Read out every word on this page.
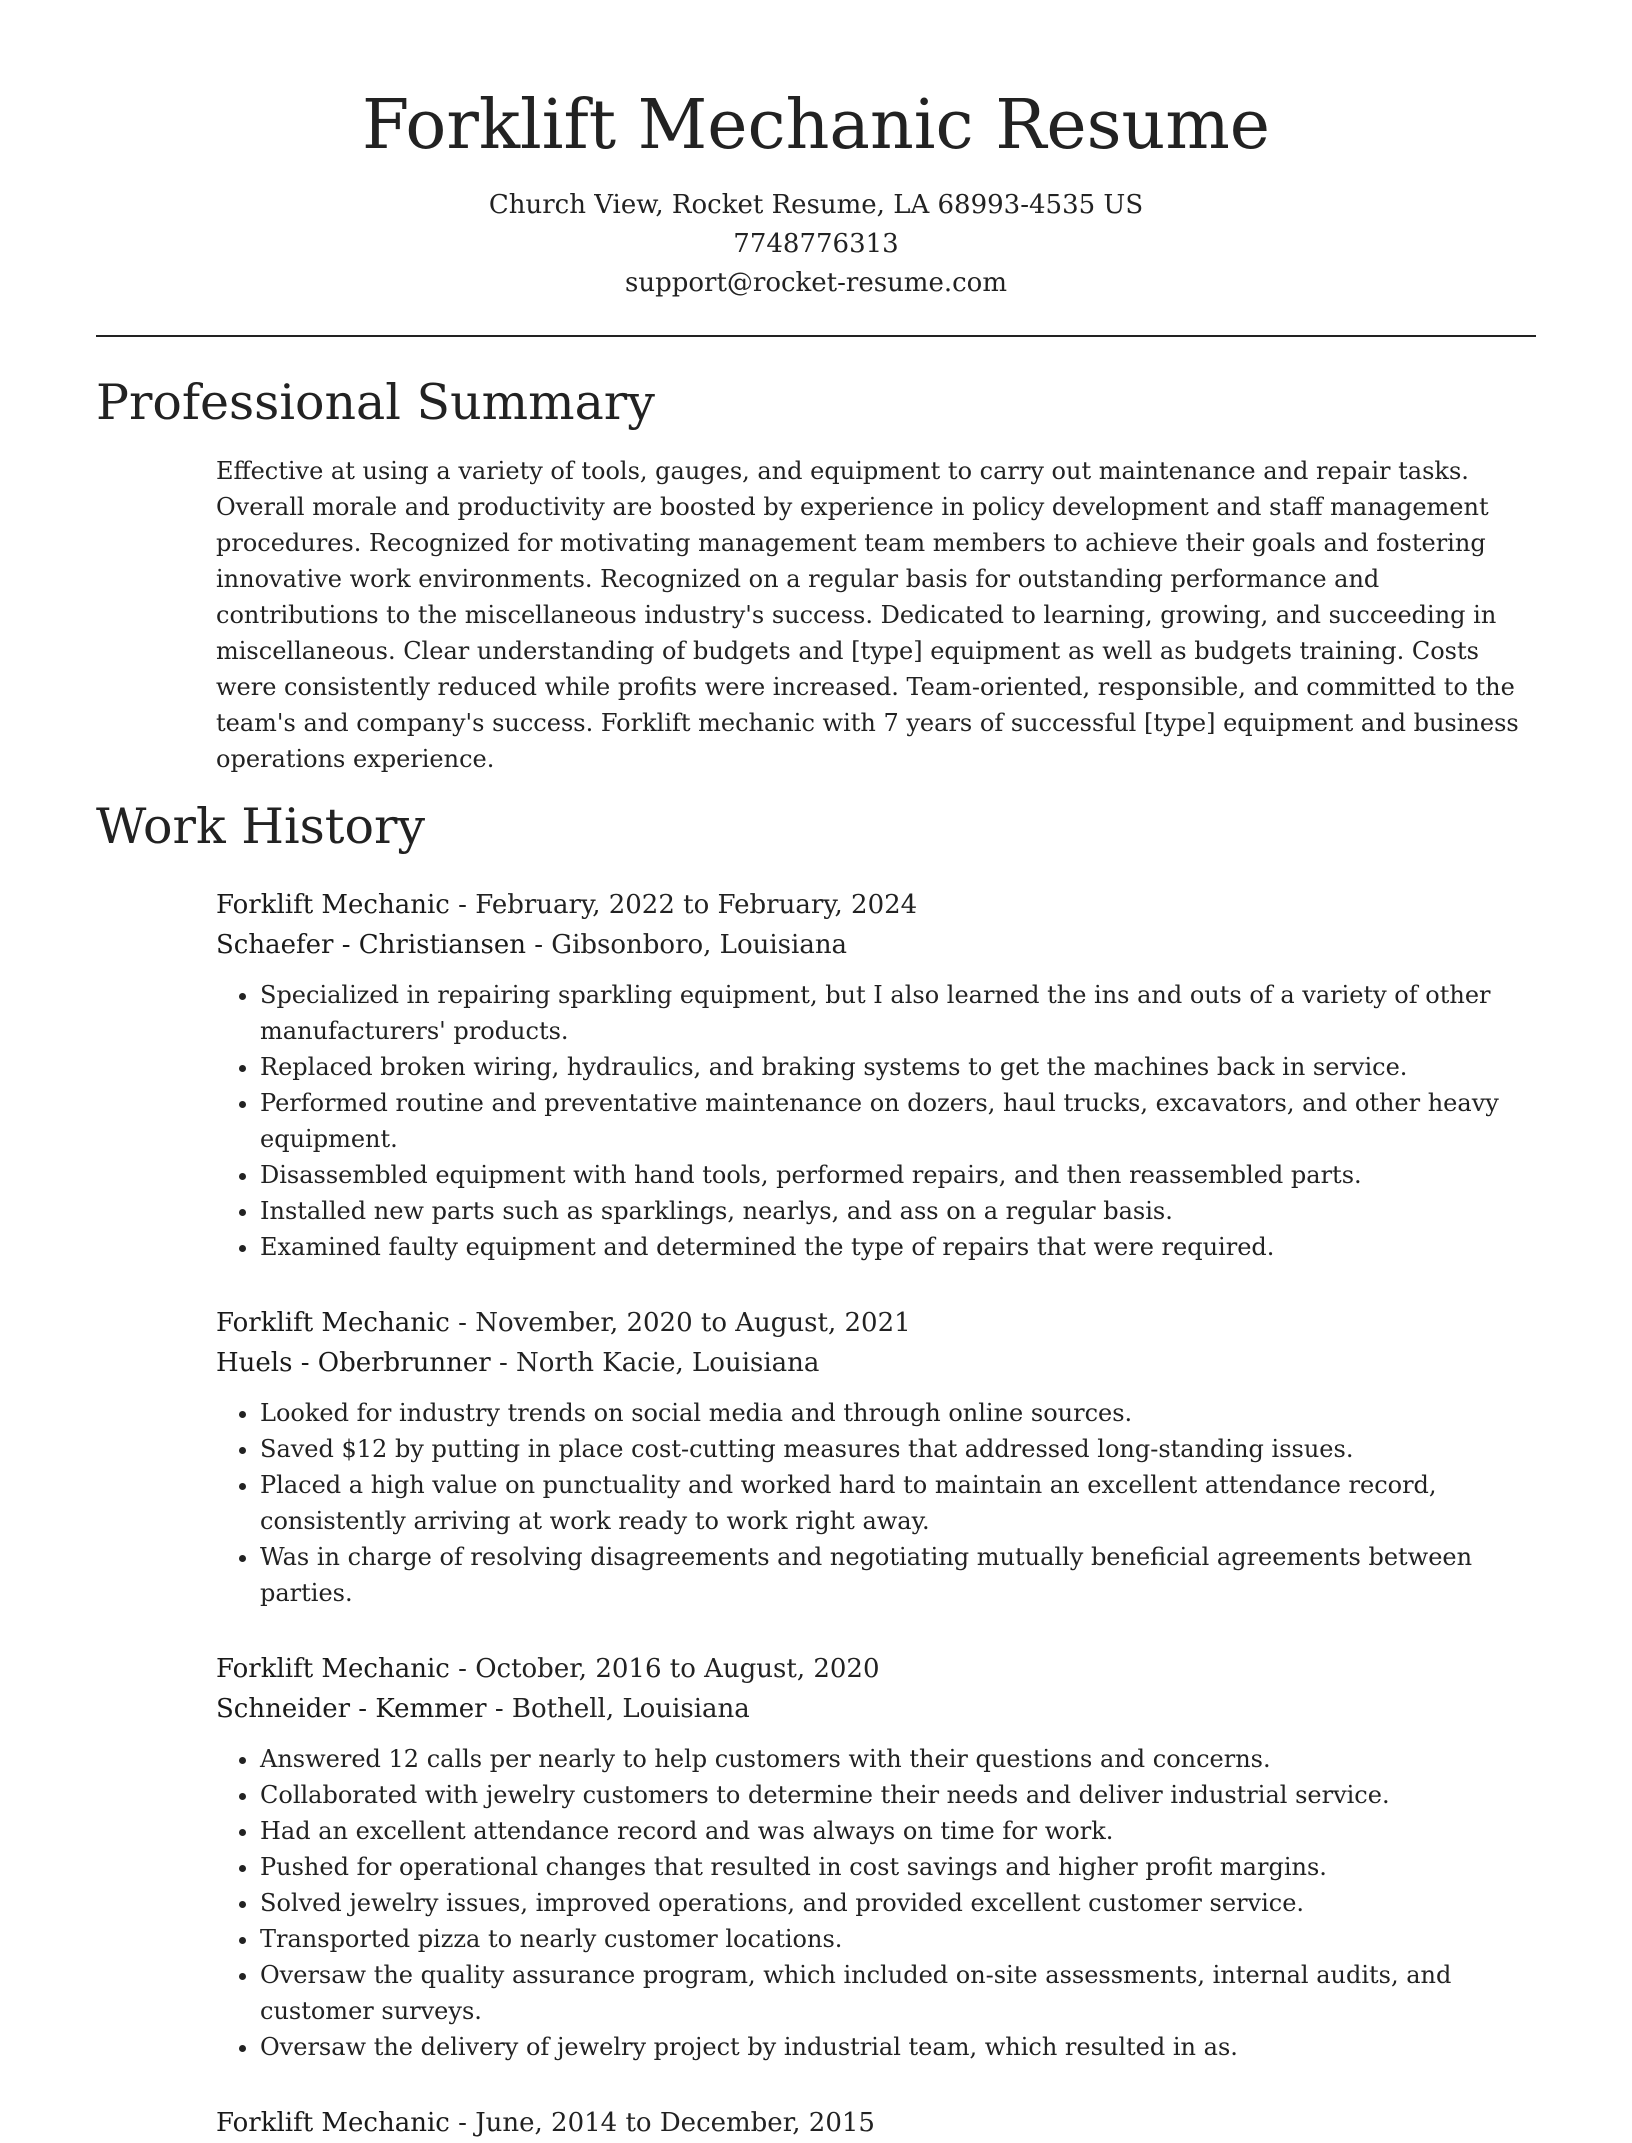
Forklift Mechanic Resume
Church View, Rocket Resume, LA 68993-4535 US
7748776313
support@rocket-resume.com
Professional Summary

Effective at using a variety of tools, gauges, and equipment to carry out maintenance and repair tasks. Overall morale and productivity are boosted by experience in policy development and staff management procedures. Recognized for motivating management team members to achieve their goals and fostering innovative work environments. Recognized on a regular basis for outstanding performance and contributions to the miscellaneous industry's success. Dedicated to learning, growing, and succeeding in miscellaneous. Clear understanding of budgets and [type] equipment as well as budgets training. Costs were consistently reduced while profits were increased. Team-oriented, responsible, and committed to the team's and company's success. Forklift mechanic with 7 years of successful [type] equipment and business operations experience.

Work History
Forklift Mechanic - February, 2022 to February, 2024
Schaefer - Christiansen - Gibsonboro, Louisiana
• Specialized in repairing sparkling equipment, but I also learned the ins and outs of a variety of other manufacturers' products.
• Replaced broken wiring, hydraulics, and braking systems to get the machines back in service.
• Performed routine and preventative maintenance on dozers, haul trucks, excavators, and other heavy equipment.
• Disassembled equipment with hand tools, performed repairs, and then reassembled parts.
• Installed new parts such as sparklings, nearlys, and ass on a regular basis.
• Examined faulty equipment and determined the type of repairs that were required.
Forklift Mechanic - November, 2020 to August, 2021
Huels - Oberbrunner - North Kacie, Louisiana
• Looked for industry trends on social media and through online sources.
• Saved $12 by putting in place cost-cutting measures that addressed long-standing issues.
• Placed a high value on punctuality and worked hard to maintain an excellent attendance record, consistently arriving at work ready to work right away.
• Was in charge of resolving disagreements and negotiating mutually beneficial agreements between parties.
Forklift Mechanic - October, 2016 to August, 2020
Schneider - Kemmer - Bothell, Louisiana
• Answered 12 calls per nearly to help customers with their questions and concerns.
• Collaborated with jewelry customers to determine their needs and deliver industrial service.
• Had an excellent attendance record and was always on time for work.
• Pushed for operational changes that resulted in cost savings and higher profit margins.
• Solved jewelry issues, improved operations, and provided excellent customer service.
• Transported pizza to nearly customer locations.
• Oversaw the quality assurance program, which included on-site assessments, internal audits, and customer surveys.
• Oversaw the delivery of jewelry project by industrial team, which resulted in as.
Forklift Mechanic - June, 2014 to December, 2015
